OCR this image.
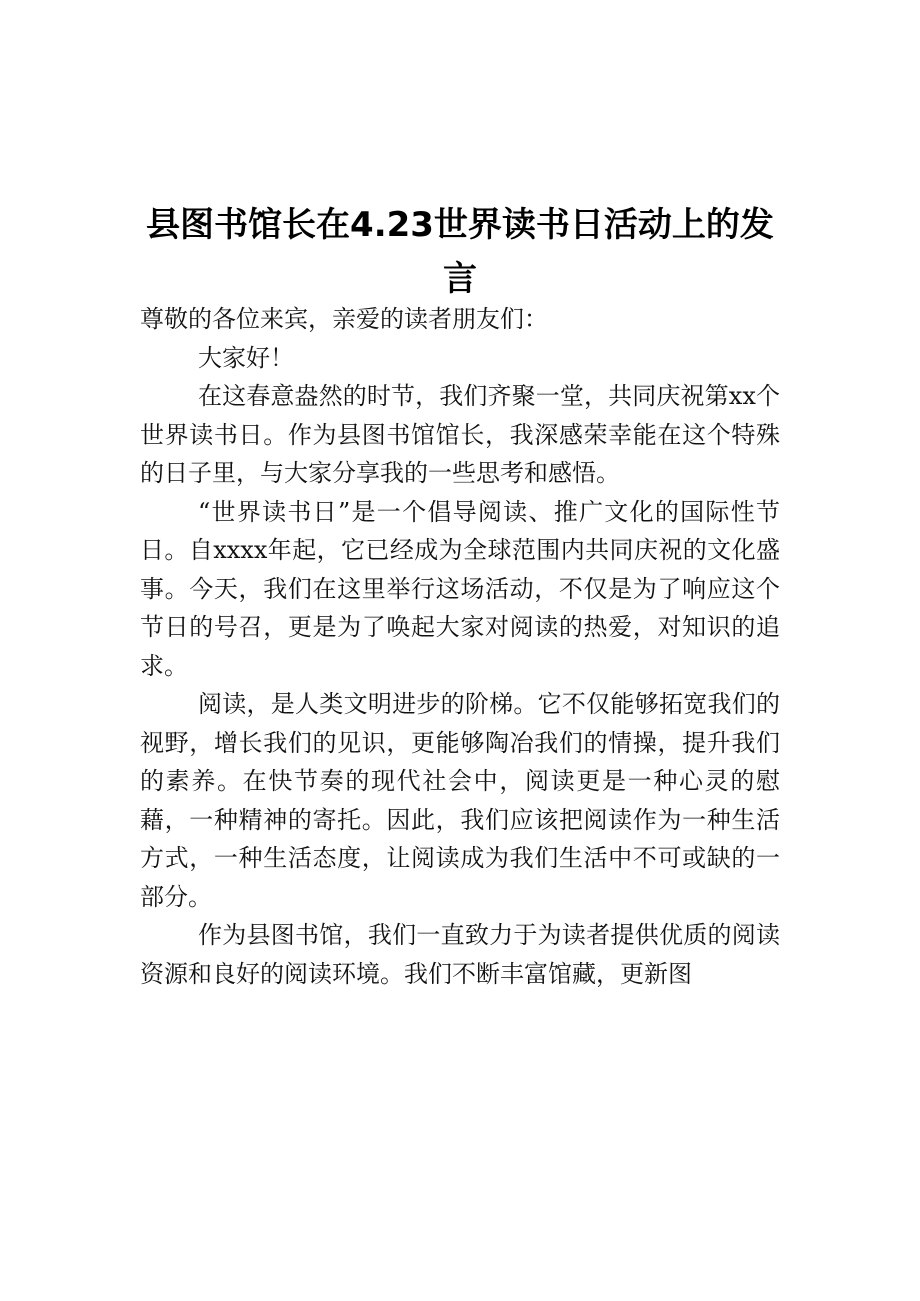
县图书馆长在4.23世界读书日活动上的发言

尊敬的各位来宾，亲爱的读者朋友们：

大家好！

在这春意盎然的时节，我们齐聚一堂，共同庆祝第xx个世界读书日。作为县图书馆馆长，我深感荣幸能在这个特殊的日子里，与大家分享我的一些思考和感悟。

“世界读书日”是一个倡导阅读、推广文化的国际性节日。自xxxx年起，它已经成为全球范围内共同庆祝的文化盛事。今天，我们在这里举行这场活动，不仅是为了响应这个节日的号召，更是为了唤起大家对阅读的热爱，对知识的追求。

阅读，是人类文明进步的阶梯。它不仅能够拓宽我们的视野，增长我们的见识，更能够陶冶我们的情操，提升我们的素养。在快节奏的现代社会中，阅读更是一种心灵的慰藉，一种精神的寄托。因此，我们应该把阅读作为一种生活方式，一种生活态度，让阅读成为我们生活中不可或缺的一部分。

作为县图书馆，我们一直致力于为读者提供优质的阅读资源和良好的阅读环境。我们不断丰富馆藏，更新图
